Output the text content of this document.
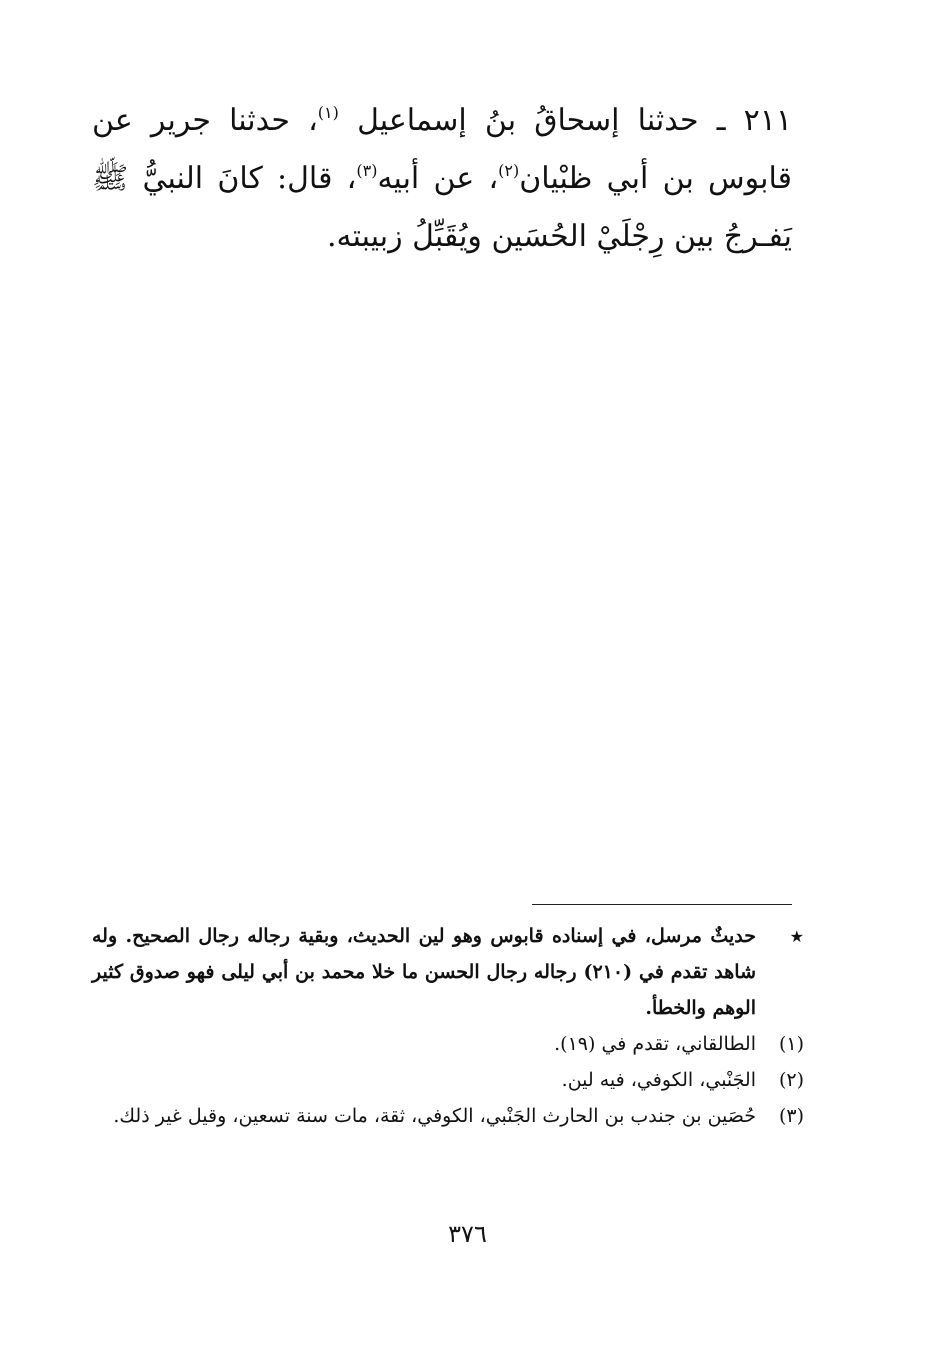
٢١١ ـ حدثنا إسحاقُ بنُ إسماعيل $^{(١)}$، حدثنا جرير عن قابوس بن أبي ظبْيان$^{(٢)}$، عن أبيه$^{(٣)}$، قال: كانَ النبيُّ ﷺ يَفـرجُ بين رِجْلَيْ الحُسَين ويُقَبِّلُ زبيبته.

★
حديثٌ مرسل، في إسناده قابوس وهو لين الحديث، وبقية رجاله رجال الصحيح. وله شاهد تقدم في (٢١٠) رجاله رجال الحسن ما خلا محمد بن أبي ليلى فهو صدوق كثير الوهم والخطأ.
(١)
الطالقاني، تقدم في (١٩).
(٢)
الجَنْبي، الكوفي، فيه لين.
(٣)
حُصَين بن جندب بن الحارث الجَنْبي، الكوفي، ثقة، مات سنة تسعين، وقيل غير ذلك.
٣٧٦
